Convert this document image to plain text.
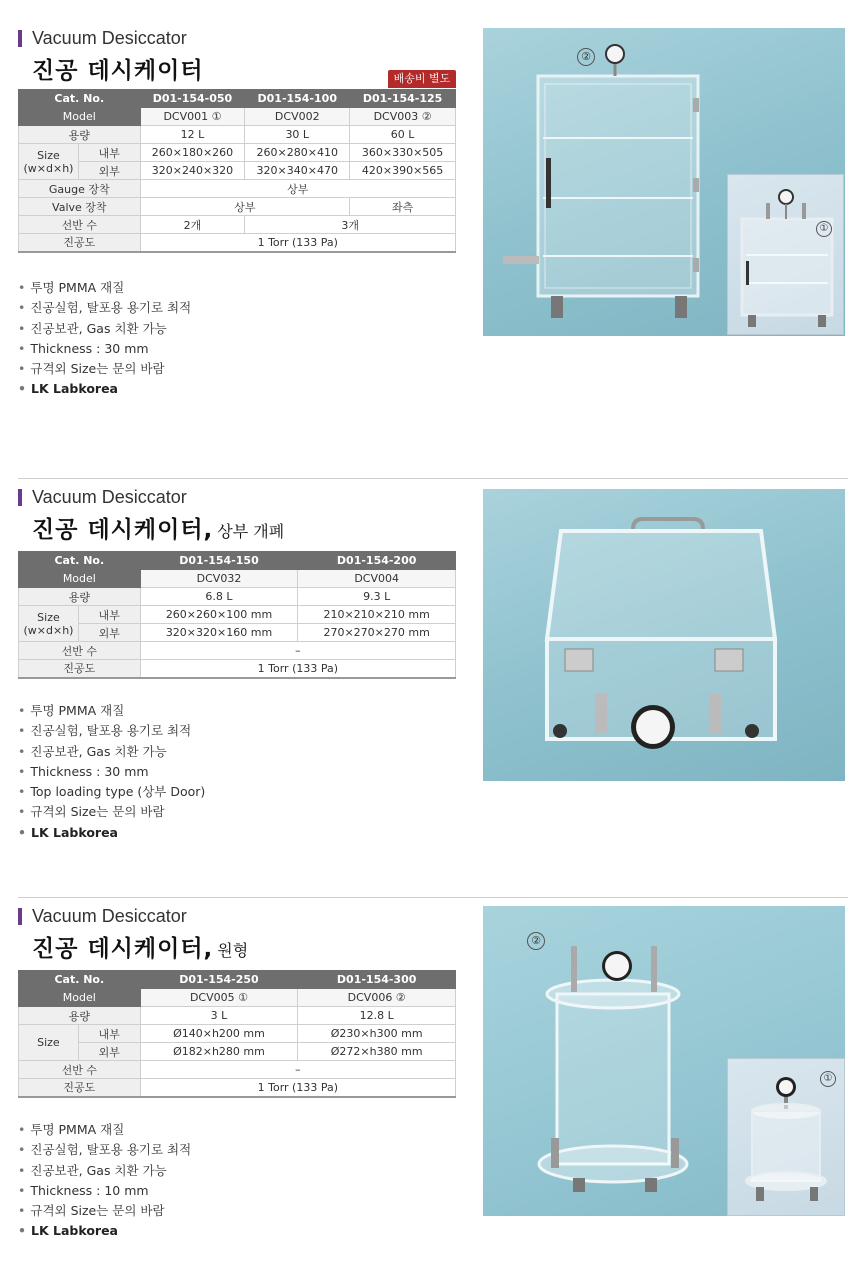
Vacuum Desiccator
진공 데시케이터	배송비 별도
Cat. No.		D01-154-050	D01-154-100	D01-154-125
Model		DCV001 ①	DCV002	DCV003 ②
용량		12 L	30 L	60 L
Size
(w×d×h)	내부	260×180×260	260×280×410	360×330×505
	외부	320×240×320	320×340×470	420×390×565
Gauge 장착		상부		
Valve 장착		상부		좌측
선반 수		2개	3개	
진공도		1 Torr (133 Pa)		
• 투명 PMMA 재질
• 진공실험, 탈포용 용기로 최적
• 진공보관, Gas 치환 가능
• Thickness : 30 mm
• 규격외 Size는 문의 바람
• LK Labkorea
②
①
Vacuum Desiccator
진공 데시케이터, 상부 개폐
Cat. No.		D01-154-150	D01-154-200
Model		DCV032	DCV004
용량		6.8 L	9.3 L
Size
(w×d×h)	내부	260×260×100 mm	210×210×210 mm
	외부	320×320×160 mm	270×270×270 mm
선반 수		–	
진공도		1 Torr (133 Pa)	
• 투명 PMMA 재질
• 진공실험, 탈포용 용기로 최적
• 진공보관, Gas 치환 가능
• Thickness : 30 mm
• Top loading type (상부 Door)
• 규격외 Size는 문의 바람
• LK Labkorea
Vacuum Desiccator
진공 데시케이터, 원형
Cat. No.		D01-154-250	D01-154-300
Model		DCV005 ①	DCV006 ②
용량		3 L	12.8 L
Size	내부	Ø140×h200 mm	Ø230×h300 mm
	외부	Ø182×h280 mm	Ø272×h380 mm
선반 수		–	
진공도		1 Torr (133 Pa)	
• 투명 PMMA 재질
• 진공실험, 탈포용 용기로 최적
• 진공보관, Gas 치환 가능
• Thickness : 10 mm
• 규격외 Size는 문의 바람
• LK Labkorea
②
①
